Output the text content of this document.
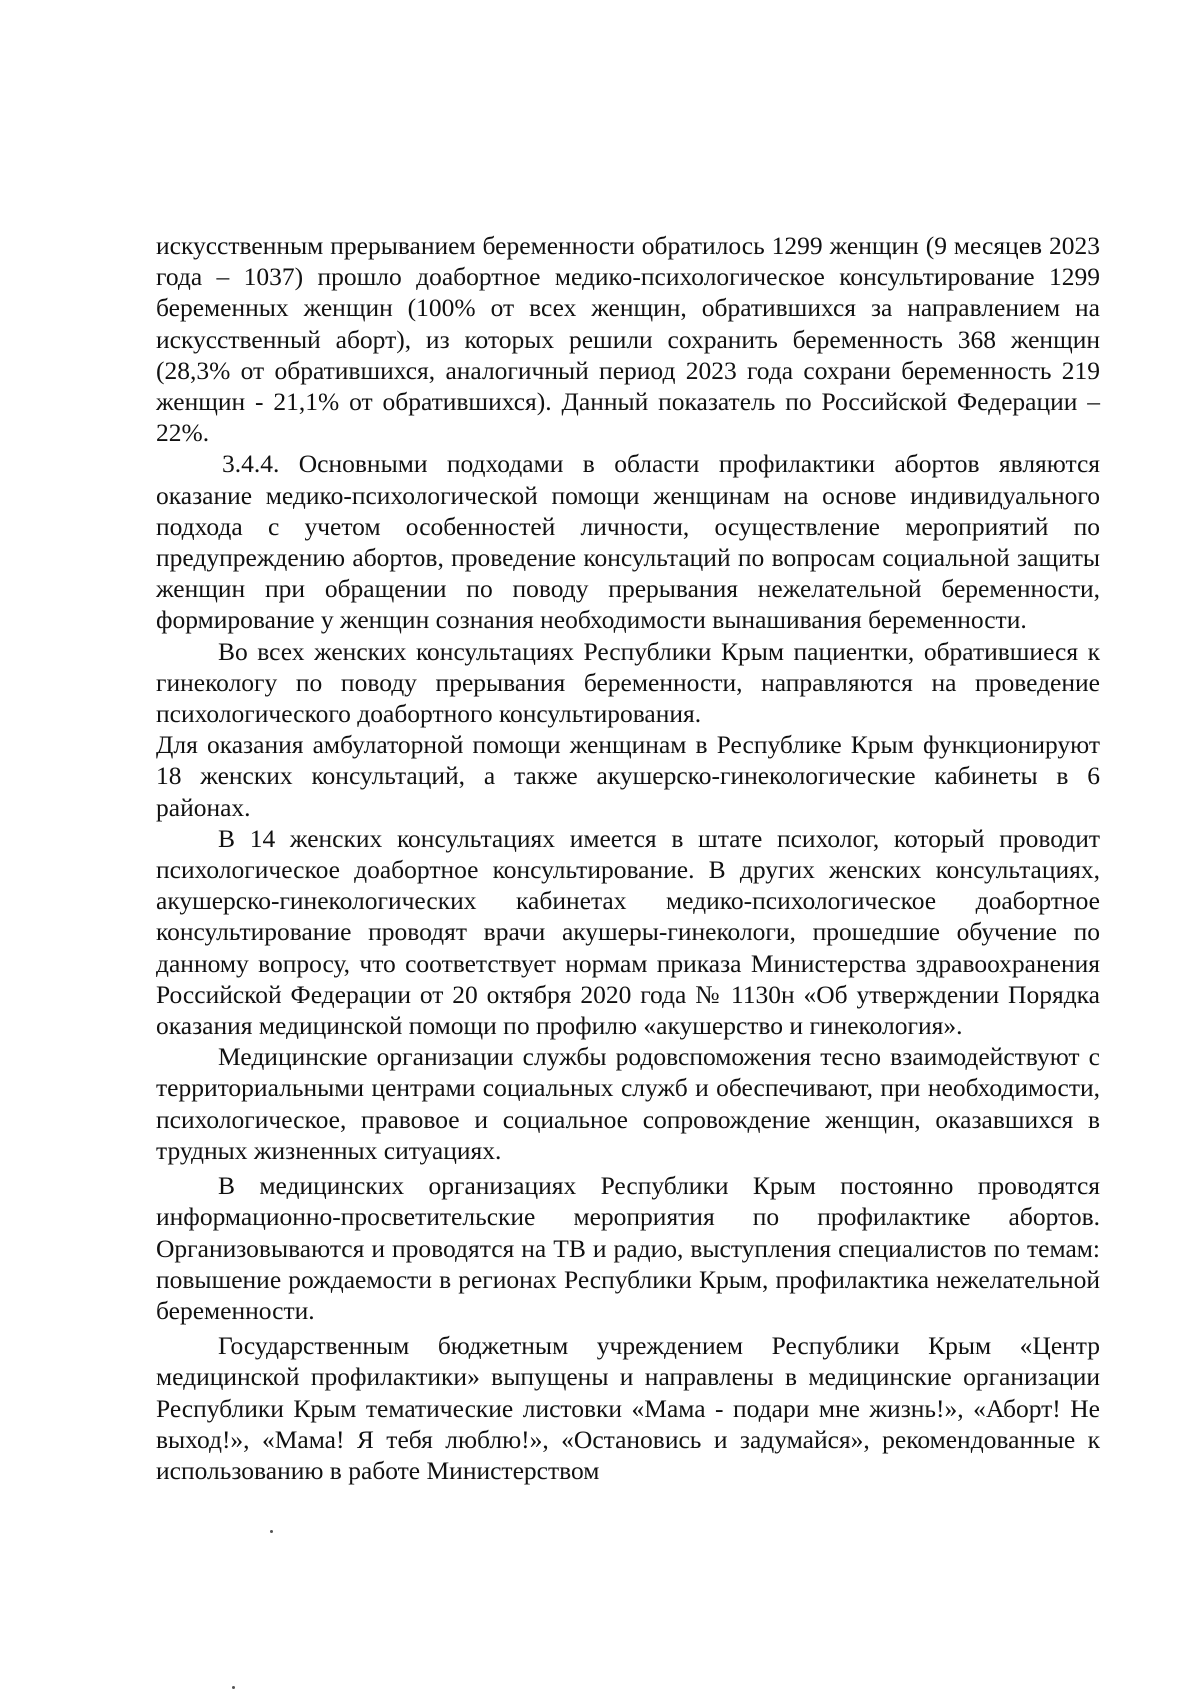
искусственным прерыванием беременности обратилось 1299 женщин (9 месяцев 2023 года – 1037) прошло доабортное медико-психологическое консультирование 1299 беременных женщин (100% от всех женщин, обратившихся за направлением на искусственный аборт), из которых решили сохранить беременность 368 женщин (28,3% от обратившихся, аналогичный период 2023 года сохрани беременность 219 женщин - 21,1% от обратившихся). Данный показатель по Российской Федерации – 22%.

3.4.4. Основными подходами в области профилактики абортов являются оказание медико-психологической помощи женщинам на основе индивидуального подхода с учетом особенностей личности, осуществление мероприятий по предупреждению абортов, проведение консультаций по вопросам социальной защиты женщин при обращении по поводу прерывания нежелательной беременности, формирование у женщин сознания необходимости вынашивания беременности.

Во всех женских консультациях Республики Крым пациентки, обратившиеся к гинекологу по поводу прерывания беременности, направляются на проведение психологического доабортного консультирования.

Для оказания амбулаторной помощи женщинам в Республике Крым функционируют 18 женских консультаций, а также акушерско-гинекологические кабинеты в 6 районах.

В 14 женских консультациях имеется в штате психолог, который проводит психологическое доабортное консультирование. В других женских консультациях, акушерско-гинекологических кабинетах медико-психологическое доабортное консультирование проводят врачи акушеры-гинекологи, прошедшие обучение по данному вопросу, что соответствует нормам приказа Министерства здравоохранения Российской Федерации от 20 октября 2020 года № 1130н «Об утверждении Порядка оказания медицинской помощи по профилю «акушерство и гинекология».

Медицинские организации службы родовспоможения тесно взаимодействуют с территориальными центрами социальных служб и обеспечивают, при необходимости, психологическое, правовое и социальное сопровождение женщин, оказавшихся в трудных жизненных ситуациях.

В медицинских организациях Республики Крым постоянно проводятся информационно-просветительские мероприятия по профилактике абортов. Организовываются и проводятся на ТВ и радио, выступления специалистов по темам: повышение рождаемости в регионах Республики Крым, профилактика нежелательной беременности.

Государственным бюджетным учреждением Республики Крым «Центр медицинской профилактики» выпущены и направлены в медицинские организации Республики Крым тематические листовки «Мама - подари мне жизнь!», «Аборт! Не выход!», «Мама! Я тебя люблю!», «Остановись и задумайся», рекомендованные к использованию в работе Министерством
